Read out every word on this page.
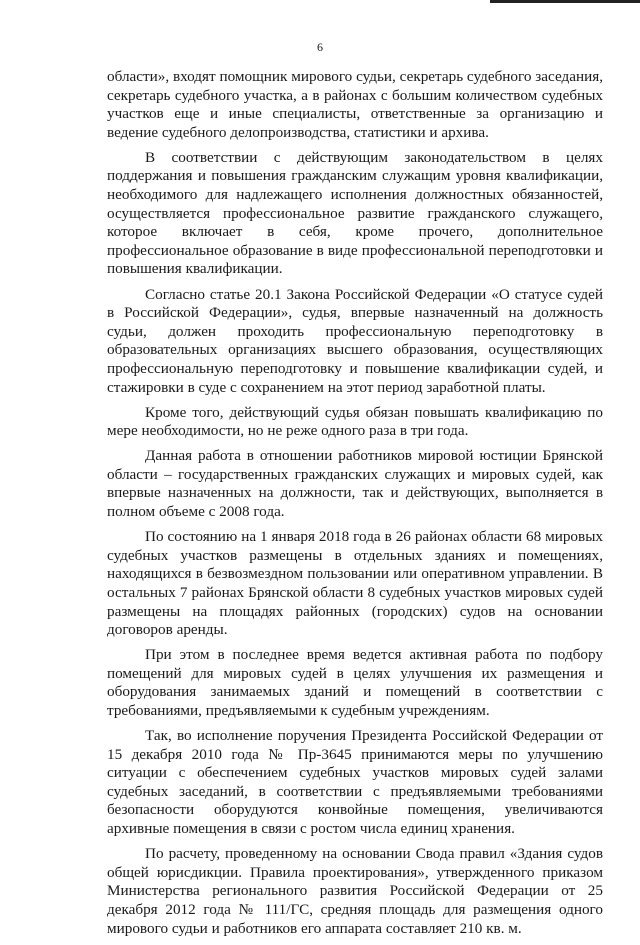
6

области», входят помощник мирового судьи, секретарь судебного заседания, секретарь судебного участка, а в районах с большим количеством судебных участков еще и иные специалисты, ответственные за организацию и ведение судебного делопроизводства, статистики и архива.

В соответствии с действующим законодательством в целях поддержания и повышения гражданским служащим уровня квалификации, необходимого для надлежащего исполнения должностных обязанностей, осуществляется профессиональное развитие гражданского служащего, которое включает в себя, кроме прочего, дополнительное профессиональное образование в виде профессиональной переподготовки и повышения квалификации.

Согласно статье 20.1 Закона Российской Федерации «О статусе судей в Российской Федерации», судья, впервые назначенный на должность судьи, должен проходить профессиональную переподготовку в образовательных организациях высшего образования, осуществляющих профессиональную переподготовку и повышение квалификации судей, и стажировки в суде с сохранением на этот период заработной платы.

Кроме того, действующий судья обязан повышать квалификацию по мере необходимости, но не реже одного раза в три года.

Данная работа в отношении работников мировой юстиции Брянской области – государственных гражданских служащих и мировых судей, как впервые назначенных на должности, так и действующих, выполняется в полном объеме с 2008 года.

По состоянию на 1 января 2018 года в 26 районах области 68 мировых судебных участков размещены в отдельных зданиях и помещениях, находящихся в безвозмездном пользовании или оперативном управлении. В остальных 7 районах Брянской области 8 судебных участков мировых судей размещены на площадях районных (городских) судов на основании договоров аренды.

При этом в последнее время ведется активная работа по подбору помещений для мировых судей в целях улучшения их размещения и оборудования занимаемых зданий и помещений в соответствии с требованиями, предъявляемыми к судебным учреждениям.

Так, во исполнение поручения Президента Российской Федерации от 15 декабря 2010 года № Пр-3645 принимаются меры по улучшению ситуации с обеспечением судебных участков мировых судей залами судебных заседаний, в соответствии с предъявляемыми требованиями безопасности оборудуются конвойные помещения, увеличиваются архивные помещения в связи с ростом числа единиц хранения.

По расчету, проведенному на основании Свода правил «Здания судов общей юрисдикции. Правила проектирования», утвержденного приказом Министерства регионального развития Российской Федерации от 25 декабря 2012 года № 111/ГС, средняя площадь для размещения одного мирового судьи и работников его аппарата составляет 210 кв. м.
